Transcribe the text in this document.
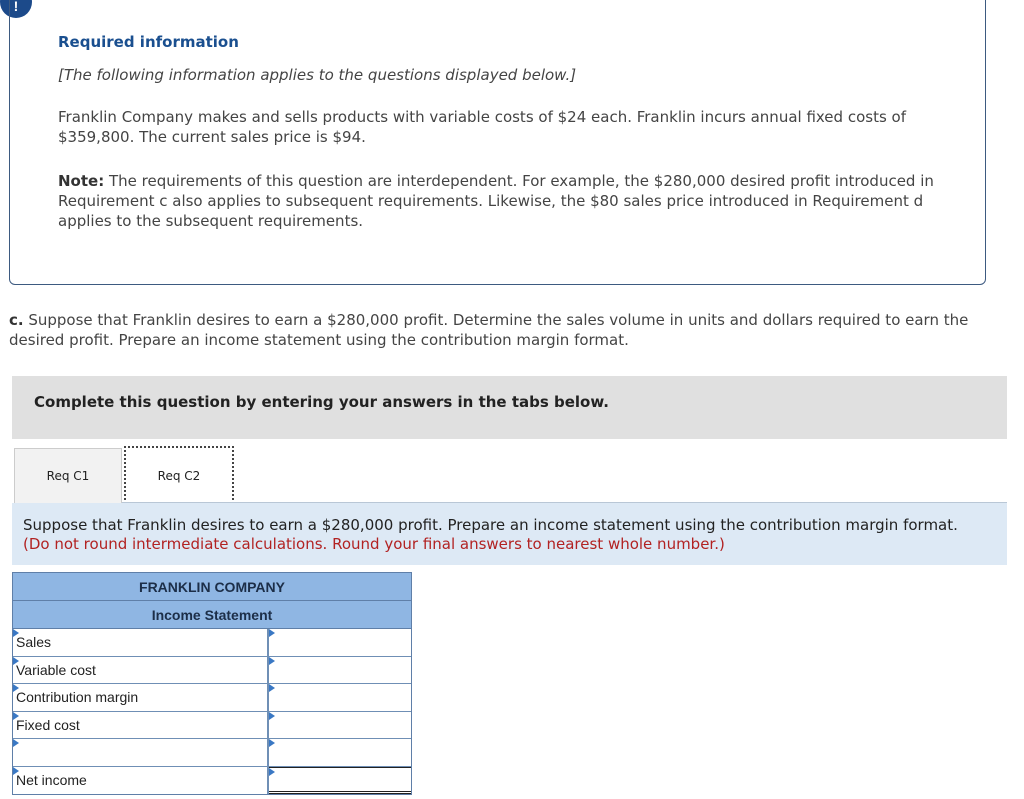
!
Required information
[The following information applies to the questions displayed below.]
Franklin Company makes and sells products with variable costs of $24 each. Franklin incurs annual fixed costs of $359,800. The current sales price is $94.
Note: The requirements of this question are interdependent. For example, the $280,000 desired profit introduced in Requirement c also applies to subsequent requirements. Likewise, the $80 sales price introduced in Requirement d applies to the subsequent requirements.
c. Suppose that Franklin desires to earn a $280,000 profit. Determine the sales volume in units and dollars required to earn the desired profit. Prepare an income statement using the contribution margin format.
Complete this question by entering your answers in the tabs below.
Req C1	Req C2
Suppose that Franklin desires to earn a $280,000 profit. Prepare an income statement using the contribution margin format.
(Do not round intermediate calculations. Round your final answers to nearest whole number.)
FRANKLIN COMPANY
Income Statement
Sales
Variable cost
Contribution margin
Fixed cost
Net income
